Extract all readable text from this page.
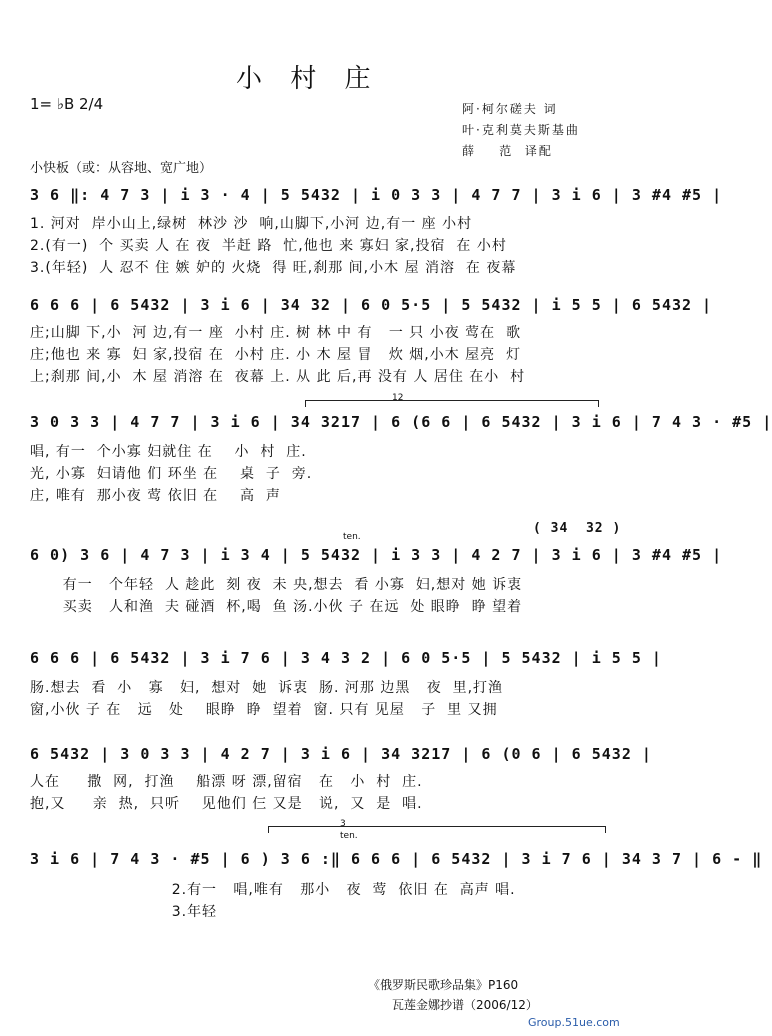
小 村 庄
1= ♭B 2/4	阿·柯尔磋夫 词
叶·克利莫夫斯基曲
薛    范  译配
小快板（或：从容地、宽广地）
3 6 ‖: 4 7 3 | i 3 · 4 | 5 5432 | i 0 3 3 | 4 7 7 | 3 i 6 | 3 #4 #5 |
1. 河对  岸小山上,绿树  林沙 沙  响,山脚下,小河 边,有一 座 小村
2.(有一)  个 买卖 人 在 夜  半赶 路  忙,他也 来 寡妇 家,投宿  在 小村
3.(年轻)  人 忍不 住 嫉 妒的 火烧  得 旺,刹那 间,小木 屋 消溶  在 夜幕
6 6 6 | 6 5432 | 3 i 6 | 34 32 | 6 0 5·5 | 5 5432 | i 5 5 | 6 5432 |
庄;山脚 下,小  河 边,有一 座  小村 庄. 树 林 中 有   一 只 小夜 莺在  歌
庄;他也 来 寡  妇 家,投宿 在  小村 庄. 小 木 屋 冒   炊 烟,小木 屋亮  灯
上;刹那 间,小  木 屋 消溶 在  夜幕 上. 从 此 后,再 没有 人 居住 在小  村
12
3 0 3 3 | 4 7 7 | 3 i 6 | 34 3217 | 6 (6 6 | 6 5432 | 3 i 6 | 7 4 3 · #5 |
唱, 有一  个小寡 妇就住 在    小  村  庄.
光, 小寡  妇请他 们 环坐 在    桌  子  旁.
庄, 唯有  那小夜 莺 依旧 在    高  声
ten.
( 34  32 )
6 0) 3 6 | 4 7 3 | i 3 4 | 5 5432 | i 3 3 | 4 2 7 | 3 i 6 | 3 #4 #5 |
有一   个年轻  人 趁此  刻 夜  未 央,想去  看 小寡  妇,想对 她 诉衷
买卖   人和渔  夫 碰酒  杯,喝  鱼 汤.小伙 子 在远  处 眼睁  睁 望着
6 6 6 | 6 5432 | 3 i 7 6 | 3 4 3 2 | 6 0 5·5 | 5 5432 | i 5 5 |
肠.想去  看  小   寡   妇,  想对  她  诉衷  肠. 河那 边黑   夜  里,打渔
窗,小伙 子 在   远   处    眼睁  睁  望着  窗. 只有 见屋   子  里 又拥
6 5432 | 3 0 3 3 | 4 2 7 | 3 i 6 | 34 3217 | 6 (0 6 | 6 5432 |
人在     撒  网,  打渔    船漂 呀 漂,留宿   在   小  村  庄.
抱,又     亲  热,  只听    见他们 仨 又是   说,  又  是  唱.
3
ten.
3 i 6 | 7 4 3 · #5 | 6 ) 3 6 :‖ 6 6 6 | 6 5432 | 3 i 7 6 | 34 3 7 | 6 - ‖
2.有一   唱,唯有   那小   夜  莺  依旧 在  高声 唱.
3.年轻
《俄罗斯民歌珍品集》P160
瓦莲金娜抄谱（2006/12）
Group.51ue.com
